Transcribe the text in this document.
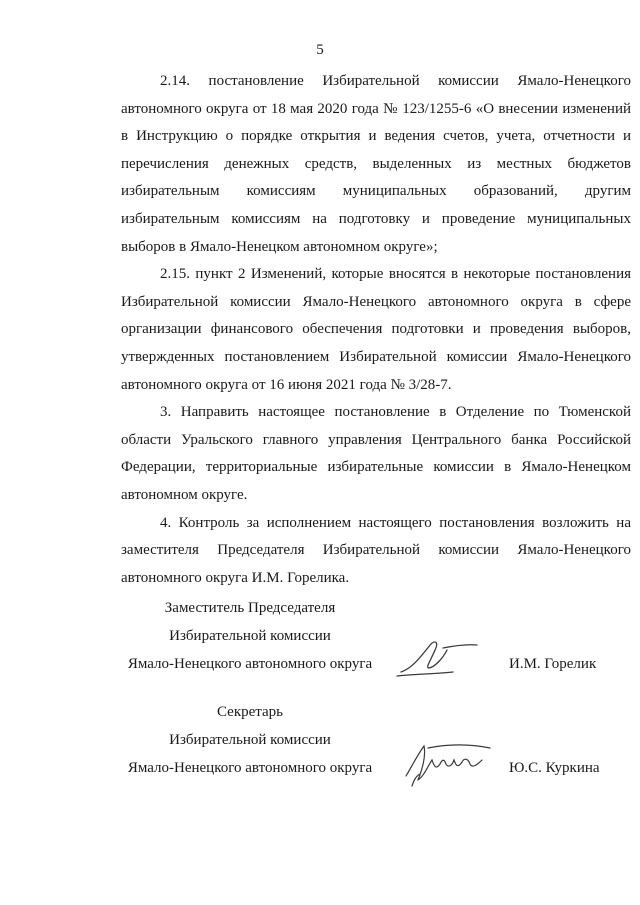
5

2.14. постановление Избирательной комиссии Ямало-Ненецкого автономного округа от 18 мая 2020 года № 123/1255-6 «О внесении изменений в Инструкцию о порядке открытия и ведения счетов, учета, отчетности и перечисления денежных средств, выделенных из местных бюджетов избирательным комиссиям муниципальных образований, другим избирательным комиссиям на подготовку и проведение муниципальных выборов в Ямало-Ненецком автономном округе»;

2.15. пункт 2 Изменений, которые вносятся в некоторые постановления Избирательной комиссии Ямало-Ненецкого автономного округа в сфере организации финансового обеспечения подготовки и проведения выборов, утвержденных постановлением Избирательной комиссии Ямало-Ненецкого автономного округа от 16 июня 2021 года № 3/28-7.

3. Направить настоящее постановление в Отделение по Тюменской области Уральского главного управления Центрального банка Российской Федерации, территориальные избирательные комиссии в Ямало-Ненецком автономном округе.

4. Контроль за исполнением настоящего постановления возложить на заместителя Председателя Избирательной комиссии Ямало-Ненецкого автономного округа И.М. Горелика.

Заместитель Председателя
Избирательной комиссии
Ямало-Ненецкого автономного округа	И.М. Горелик
Секретарь
Избирательной комиссии
Ямало-Ненецкого автономного округа	Ю.С. Куркина
